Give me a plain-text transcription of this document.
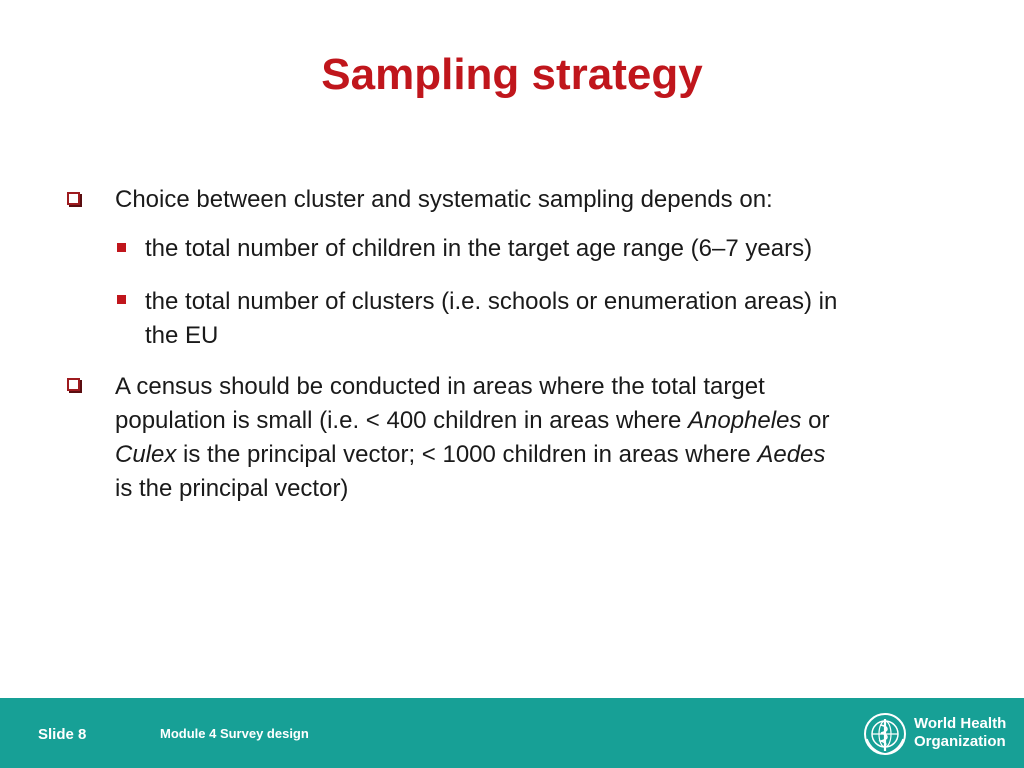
Sampling strategy
Choice between cluster and systematic sampling depends on:
the total number of children in the target age range (6–7 years)
the total number of clusters (i.e. schools or enumeration areas) in
the EU
A census should be conducted in areas where the total target
population is small (i.e. < 400 children in areas where Anopheles or
Culex is the principal vector; < 1000 children in areas where Aedes
is the principal vector)
Slide 8	Module 4 Survey design
World Health
Organization
